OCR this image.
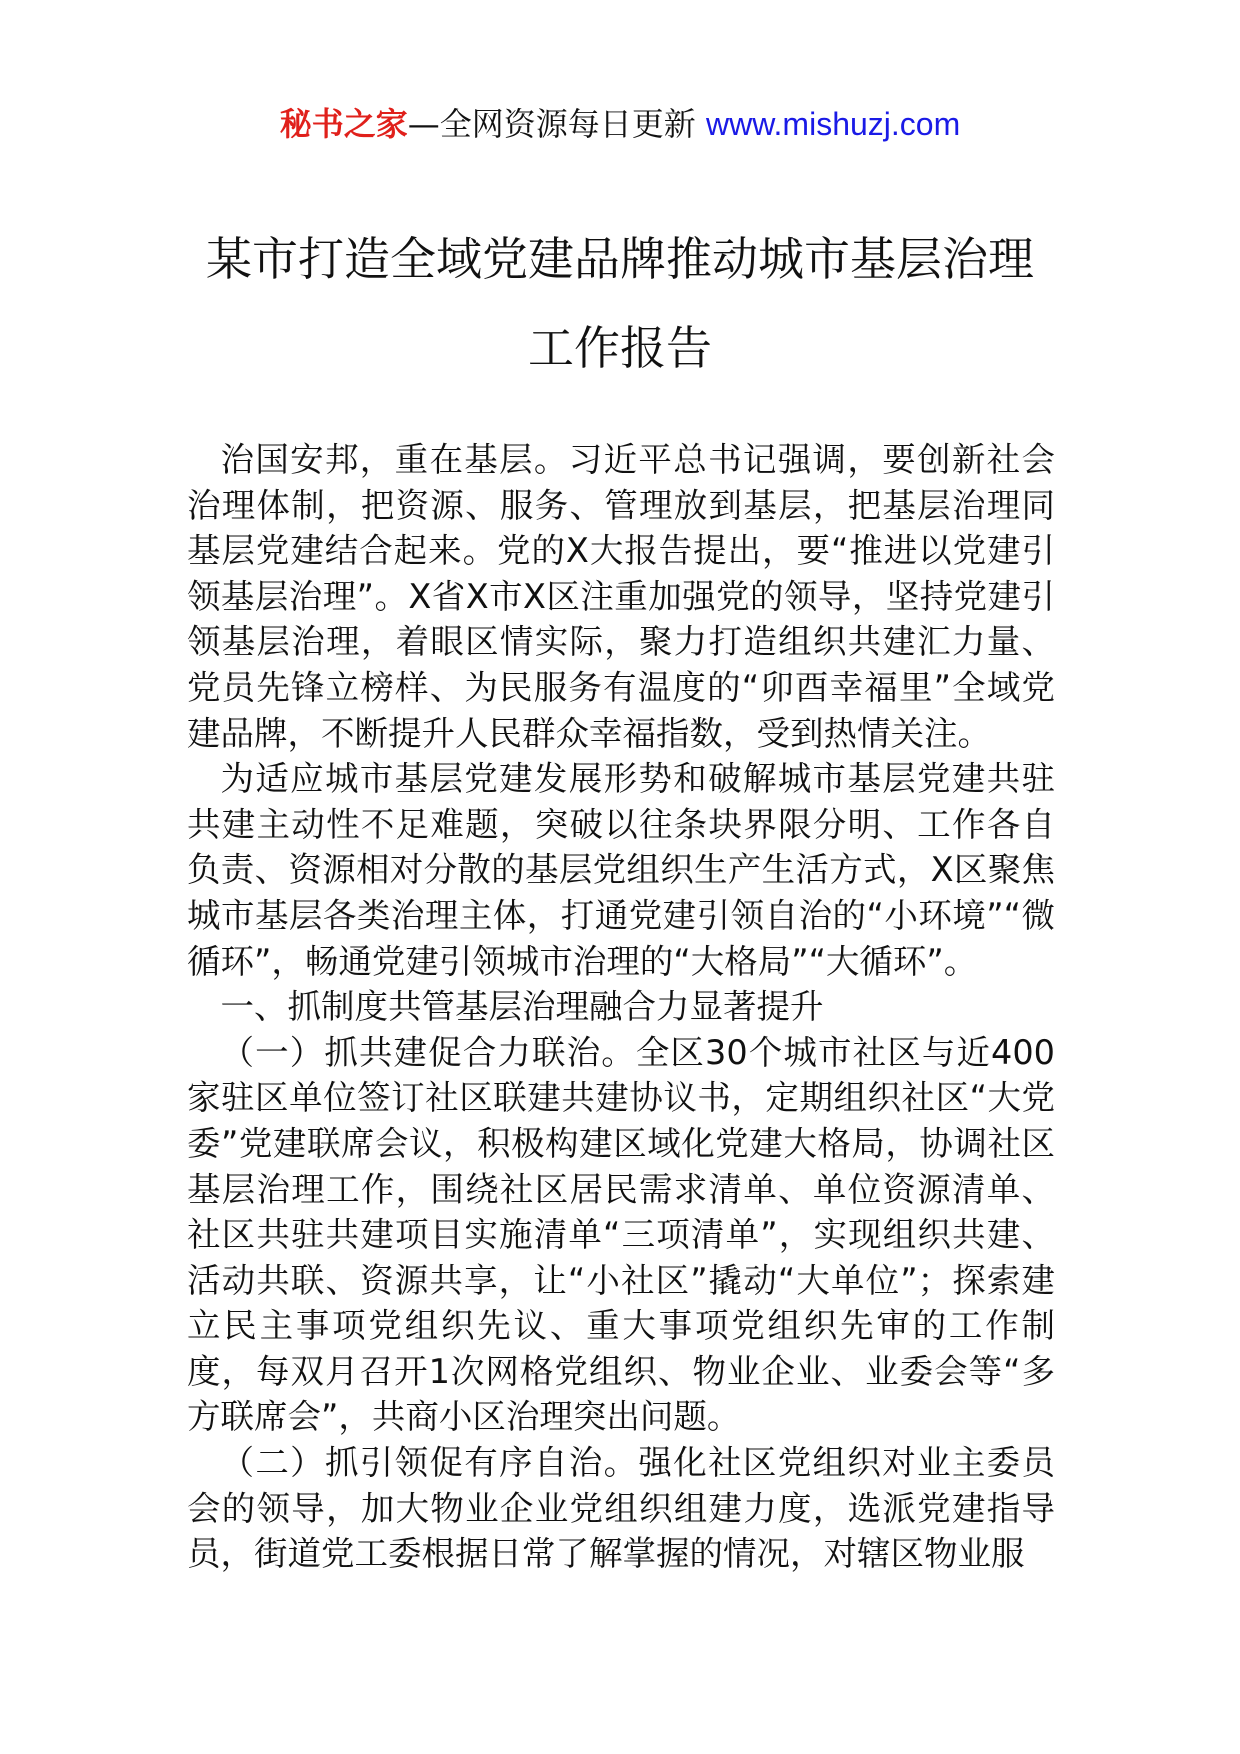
秘书之家—全网资源每日更新 www.mishuzj.com
某市打造全域党建品牌推动城市基层治理
工作报告

治国安邦，重在基层。习近平总书记强调，要创新社会治理体制，把资源、服务、管理放到基层，把基层治理同基层党建结合起来。党的X大报告提出，要“推进以党建引领基层治理”。X省X市X区注重加强党的领导，坚持党建引领基层治理，着眼区情实际，聚力打造组织共建汇力量、党员先锋立榜样、为民服务有温度的“卯酉幸福里”全域党建品牌，不断提升人民群众幸福指数，受到热情关注。

为适应城市基层党建发展形势和破解城市基层党建共驻共建主动性不足难题，突破以往条块界限分明、工作各自负责、资源相对分散的基层党组织生产生活方式，X区聚焦城市基层各类治理主体，打通党建引领自治的“小环境”“微循环”，畅通党建引领城市治理的“大格局”“大循环”。

一、抓制度共管基层治理融合力显著提升

（一）抓共建促合力联治。全区30个城市社区与近400家驻区单位签订社区联建共建协议书，定期组织社区“大党委”党建联席会议，积极构建区域化党建大格局，协调社区基层治理工作，围绕社区居民需求清单、单位资源清单、社区共驻共建项目实施清单“三项清单”，实现组织共建、活动共联、资源共享，让“小社区”撬动“大单位”；探索建立民主事项党组织先议、重大事项党组织先审的工作制度，每双月召开1次网格党组织、物业企业、业委会等“多方联席会”，共商小区治理突出问题。

（二）抓引领促有序自治。强化社区党组织对业主委员会的领导，加大物业企业党组织组建力度，选派党建指导员，街道党工委根据日常了解掌握的情况，对辖区物业服
